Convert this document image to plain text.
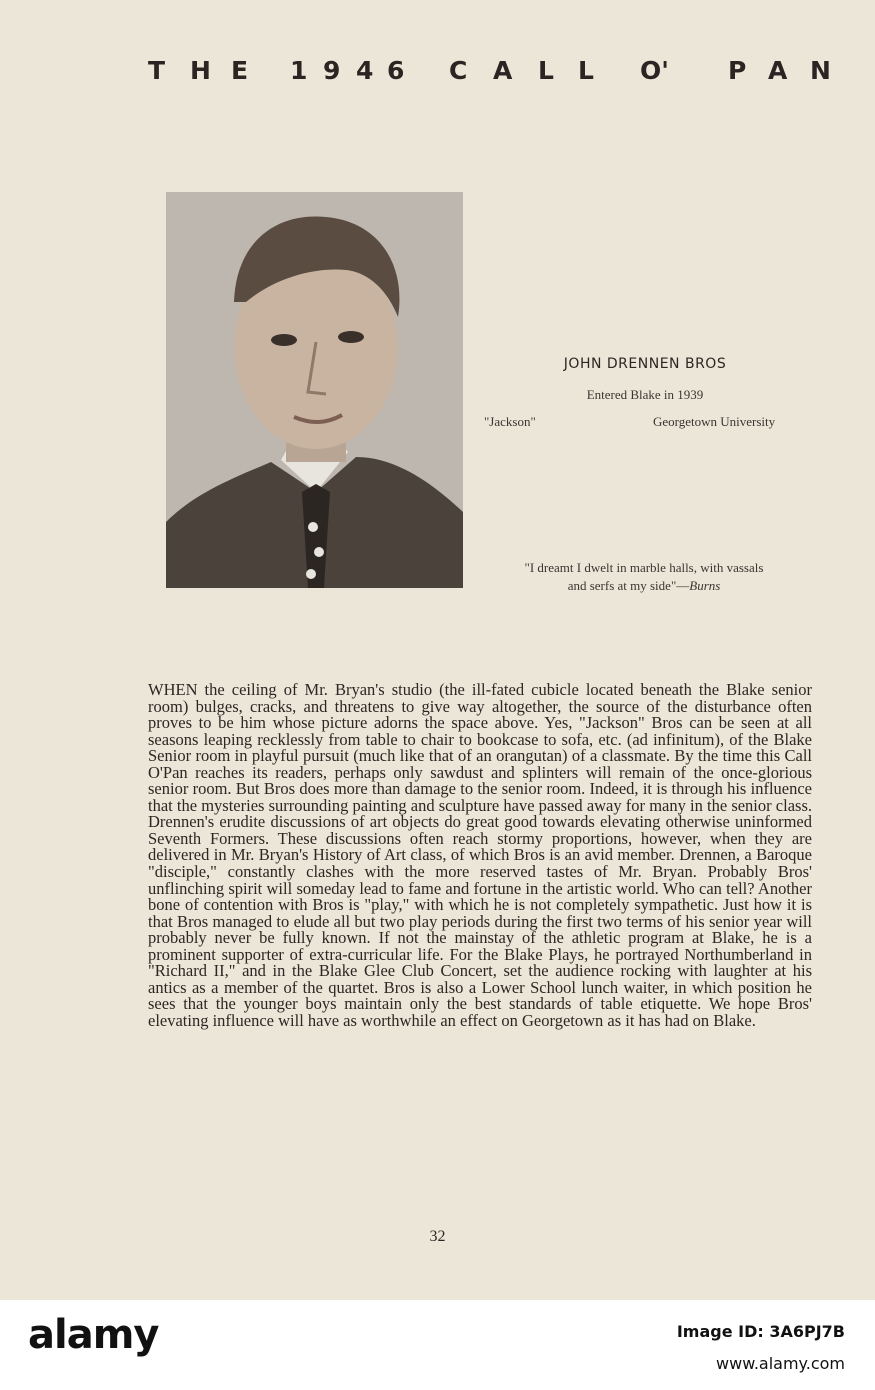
T H E 1 9 4 6 C A L L O' P A N
JOHN DRENNEN BROS
Entered Blake in 1939
"Jackson"	Georgetown University
"I dreamt I dwelt in marble halls, with vassals
and serfs at my side"—Burns
WHEN the ceiling of Mr. Bryan's studio (the ill-fated cubicle located beneath the Blake senior room) bulges, cracks, and threatens to give way altogether, the source of the disturbance often proves to be him whose picture adorns the space above. Yes, "Jackson" Bros can be seen at all seasons leaping recklessly from table to chair to bookcase to sofa, etc. (ad infinitum), of the Blake Senior room in playful pursuit (much like that of an orangutan) of a classmate. By the time this Call O'Pan reaches its readers, perhaps only sawdust and splinters will remain of the once-glorious senior room. But Bros does more than damage to the senior room. Indeed, it is through his influence that the mysteries surrounding painting and sculpture have passed away for many in the senior class. Drennen's erudite discussions of art objects do great good towards elevating otherwise uninformed Seventh Formers. These discussions often reach stormy proportions, however, when they are delivered in Mr. Bryan's History of Art class, of which Bros is an avid member. Drennen, a Baroque "disciple," constantly clashes with the more reserved tastes of Mr. Bryan. Probably Bros' unflinching spirit will someday lead to fame and fortune in the artistic world. Who can tell? Another bone of contention with Bros is "play," with which he is not completely sympathetic. Just how it is that Bros managed to elude all but two play periods during the first two terms of his senior year will probably never be fully known. If not the mainstay of the athletic program at Blake, he is a prominent supporter of extra-curricular life. For the Blake Plays, he portrayed Northumberland in "Richard II," and in the Blake Glee Club Concert, set the audience rocking with laughter at his antics as a member of the quartet. Bros is also a Lower School lunch waiter, in which position he sees that the younger boys maintain only the best standards of table etiquette. We hope Bros' elevating influence will have as worthwhile an effect on Georgetown as it has had on Blake.
32
alamy	Image ID: 3A6PJ7B
www.alamy.com
